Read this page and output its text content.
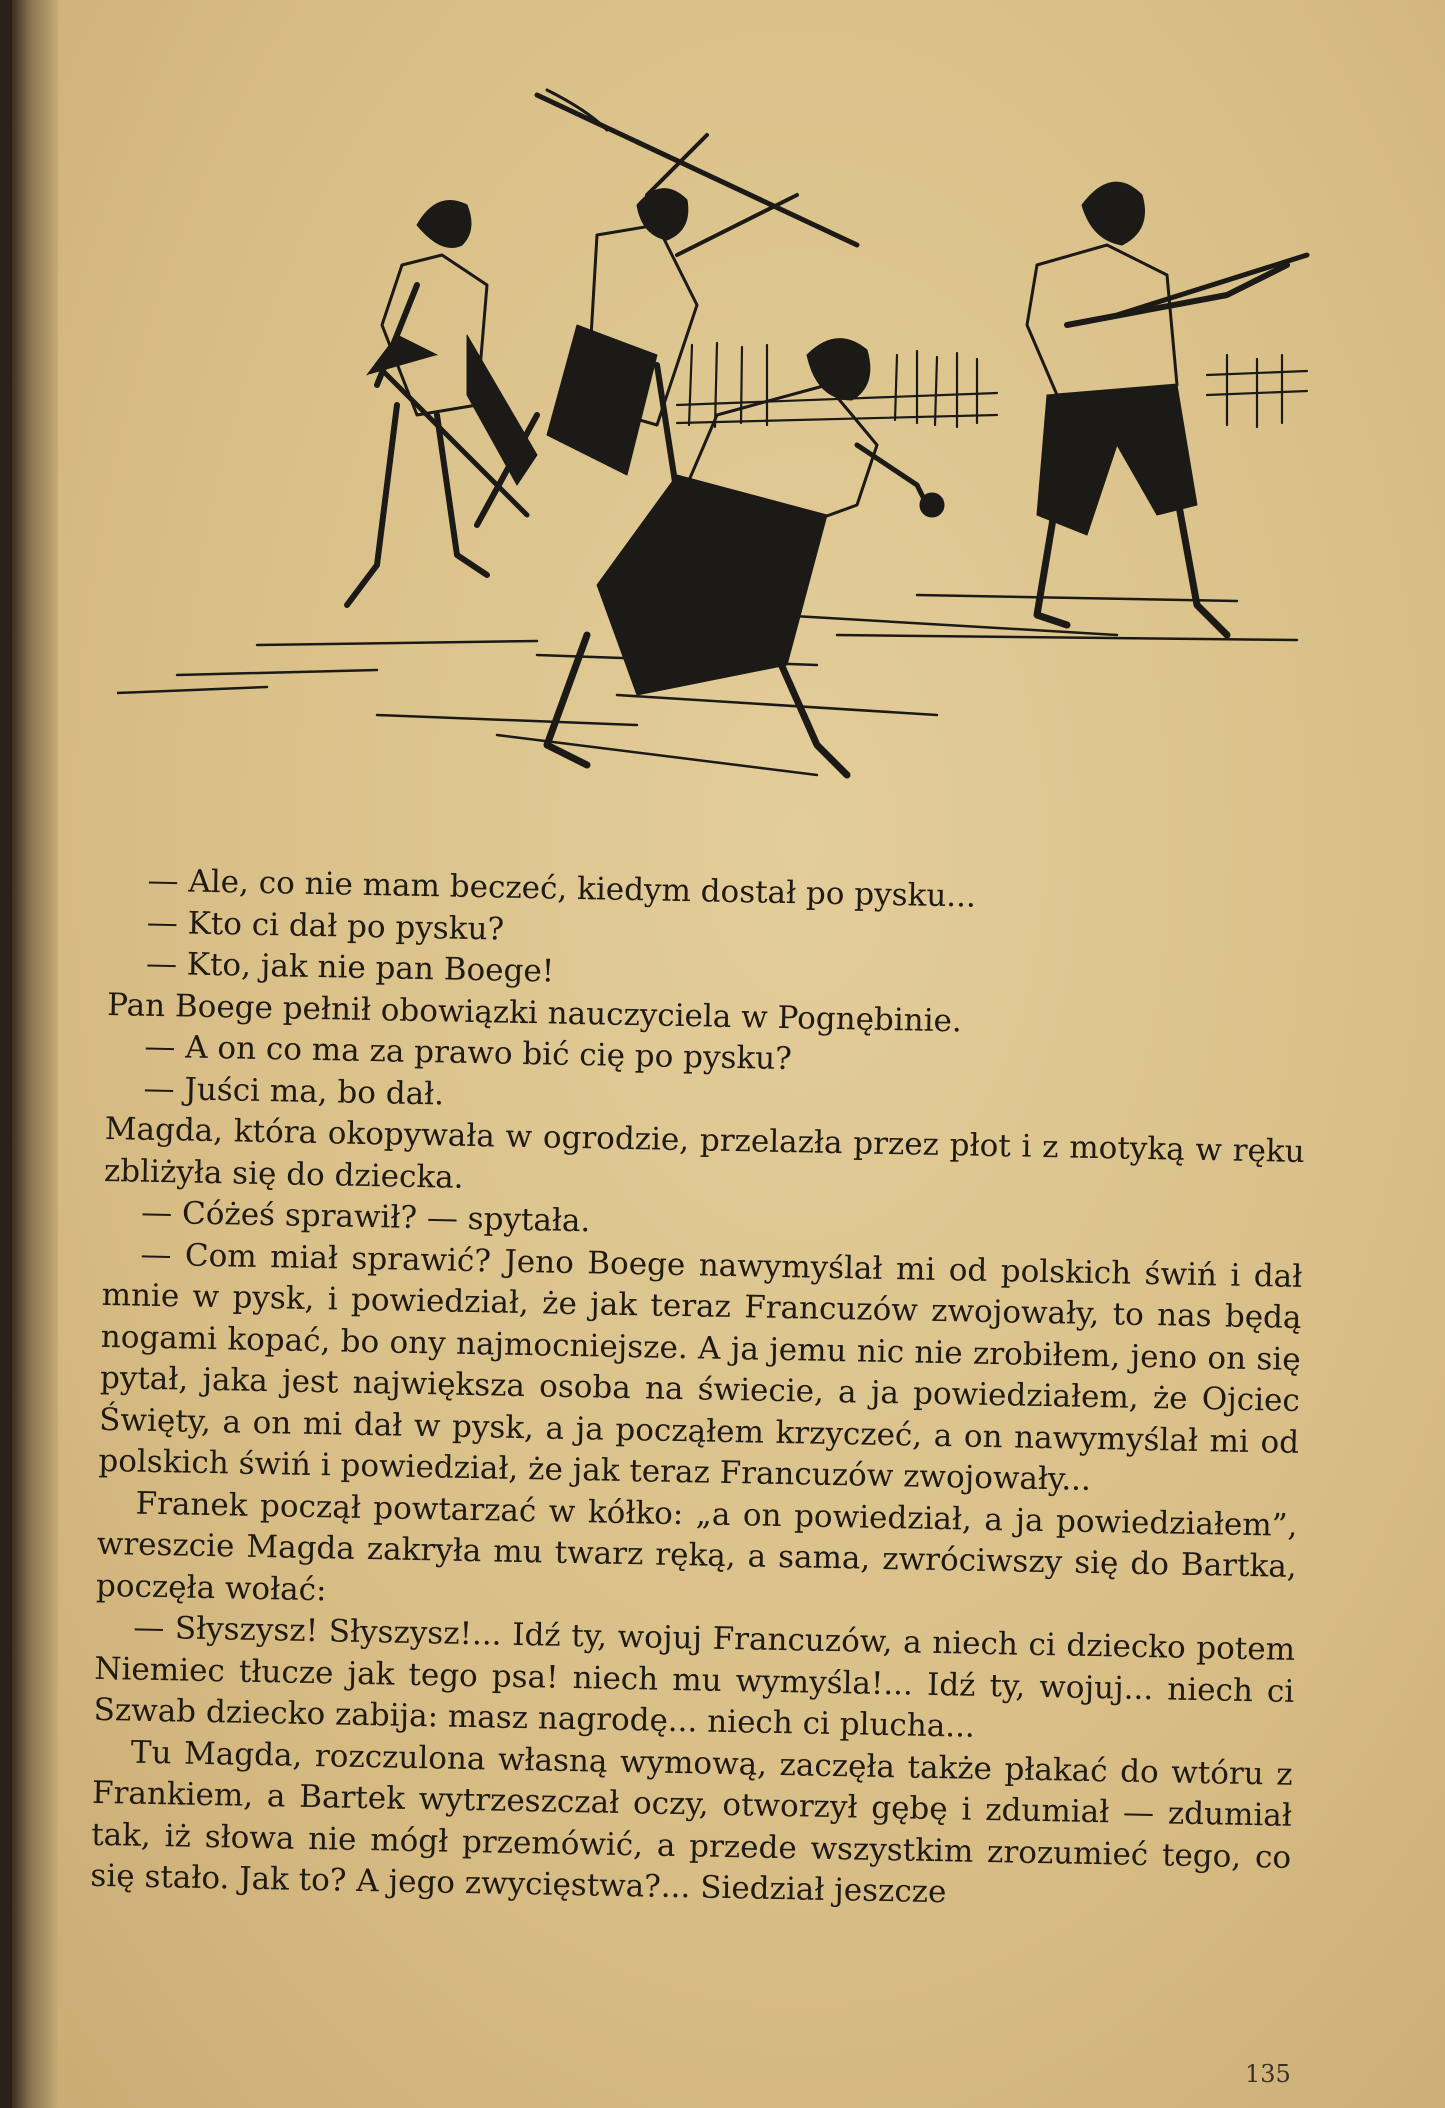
— Ale, co nie mam beczeć, kiedym dostał po pysku...

— Kto ci dał po pysku?

— Kto, jak nie pan Boege!

Pan Boege pełnił obowiązki nauczyciela w Pognębinie.

— A on co ma za prawo bić cię po pysku?

— Juści ma, bo dał.

Magda, która okopywała w ogrodzie, przelazła przez płot i z motyką w ręku zbliżyła się do dziecka.

— Cóżeś sprawił? — spytała.

— Com miał sprawić? Jeno Boege nawymyślał mi od polskich świń i dał mnie w pysk, i powiedział, że jak teraz Francuzów zwojowały, to nas będą nogami kopać, bo ony najmocniejsze. A ja jemu nic nie zrobiłem, jeno on się pytał, jaka jest największa osoba na świecie, a ja powiedziałem, że Ojciec Święty, a on mi dał w pysk, a ja począłem krzyczeć, a on nawymyślał mi od polskich świń i powiedział, że jak teraz Francuzów zwojowały...

Franek począł powtarzać w kółko: „a on powiedział, a ja powiedziałem”, wreszcie Magda zakryła mu twarz ręką, a sama, zwróciwszy się do Bartka, poczęła wołać:

— Słyszysz! Słyszysz!... Idź ty, wojuj Francuzów, a niech ci dziecko potem Niemiec tłucze jak tego psa! niech mu wymyśla!... Idź ty, wojuj... niech ci Szwab dziecko zabija: masz nagrodę... niech ci plucha...

Tu Magda, rozczulona własną wymową, zaczęła także płakać do wtóru z Frankiem, a Bartek wytrzeszczał oczy, otworzył gębę i zdumiał — zdumiał tak, iż słowa nie mógł przemówić, a przede wszystkim zrozumieć tego, co się stało. Jak to? A jego zwycięstwa?... Siedział jeszcze

135
